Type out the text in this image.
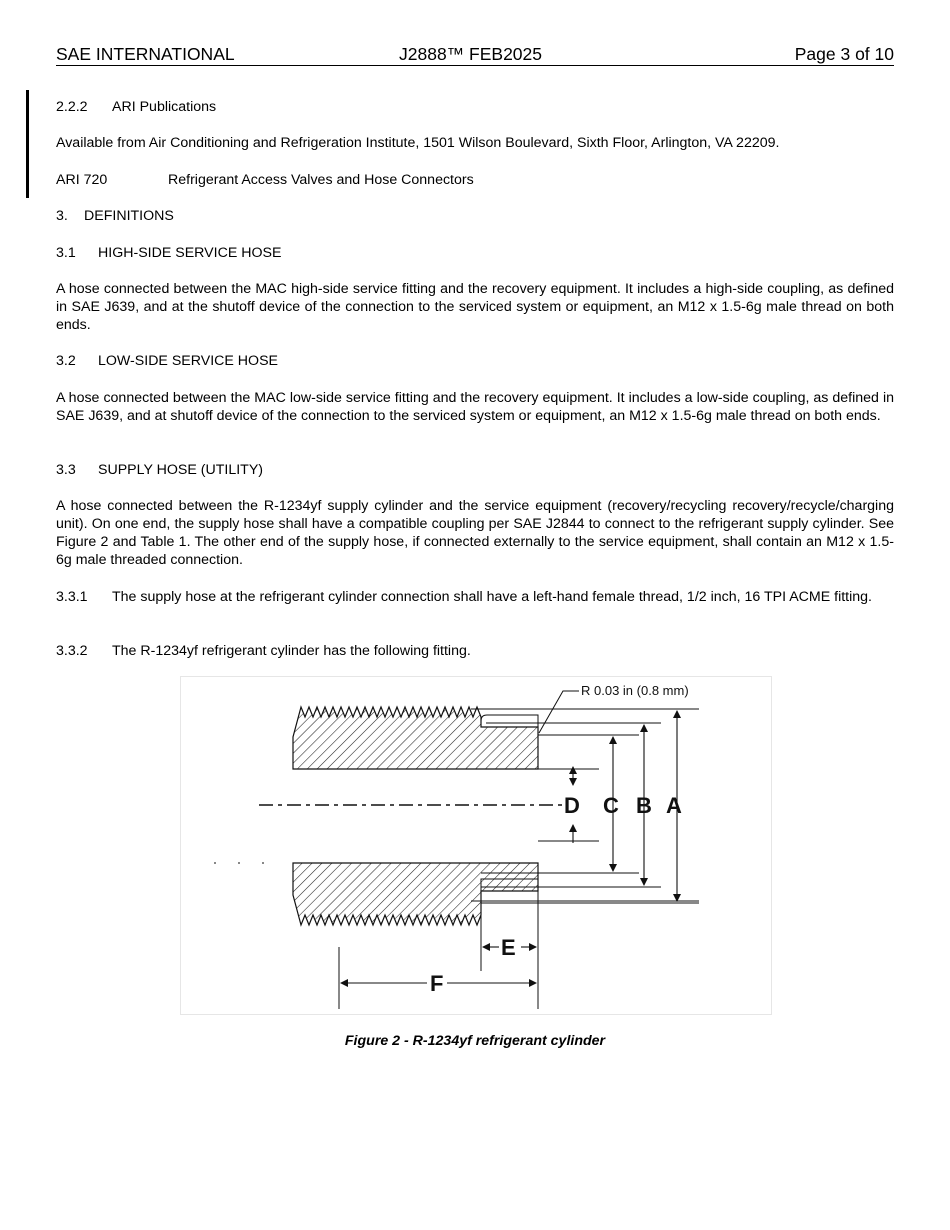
SAE INTERNATIONAL	J2888™ FEB2025	Page 3 of 10
2.2.2 ARI Publications
Available from Air Conditioning and Refrigeration Institute, 1501 Wilson Boulevard, Sixth Floor, Arlington, VA 22209.
ARI 720	Refrigerant Access Valves and Hose Connectors
3. DEFINITIONS
3.1 HIGH-SIDE SERVICE HOSE
A hose connected between the MAC high-side service fitting and the recovery equipment. It includes a high-side coupling, as defined in SAE J639, and at the shutoff device of the connection to the serviced system or equipment, an M12 x 1.5-6g male thread on both ends.
3.2 LOW-SIDE SERVICE HOSE
A hose connected between the MAC low-side service fitting and the recovery equipment. It includes a low-side coupling, as defined in SAE J639, and at shutoff device of the connection to the serviced system or equipment, an M12 x 1.5-6g male thread on both ends.
3.3 SUPPLY HOSE (UTILITY)
A hose connected between the R-1234yf supply cylinder and the service equipment (recovery/recycling recovery/recycle/charging unit). On one end, the supply hose shall have a compatible coupling per SAE J2844 to connect to the refrigerant supply cylinder. See Figure 2 and Table 1. The other end of the supply hose, if connected externally to the service equipment, shall contain an M12 x 1.5-6g male threaded connection.
3.3.1 The supply hose at the refrigerant cylinder connection shall have a left-hand female thread, 1/2 inch, 16 TPI ACME fitting.
3.3.2 The R-1234yf refrigerant cylinder has the following fitting.
R 0.03 in (0.8 mm)
D C B A
E
F
Figure 2 - R-1234yf refrigerant cylinder
